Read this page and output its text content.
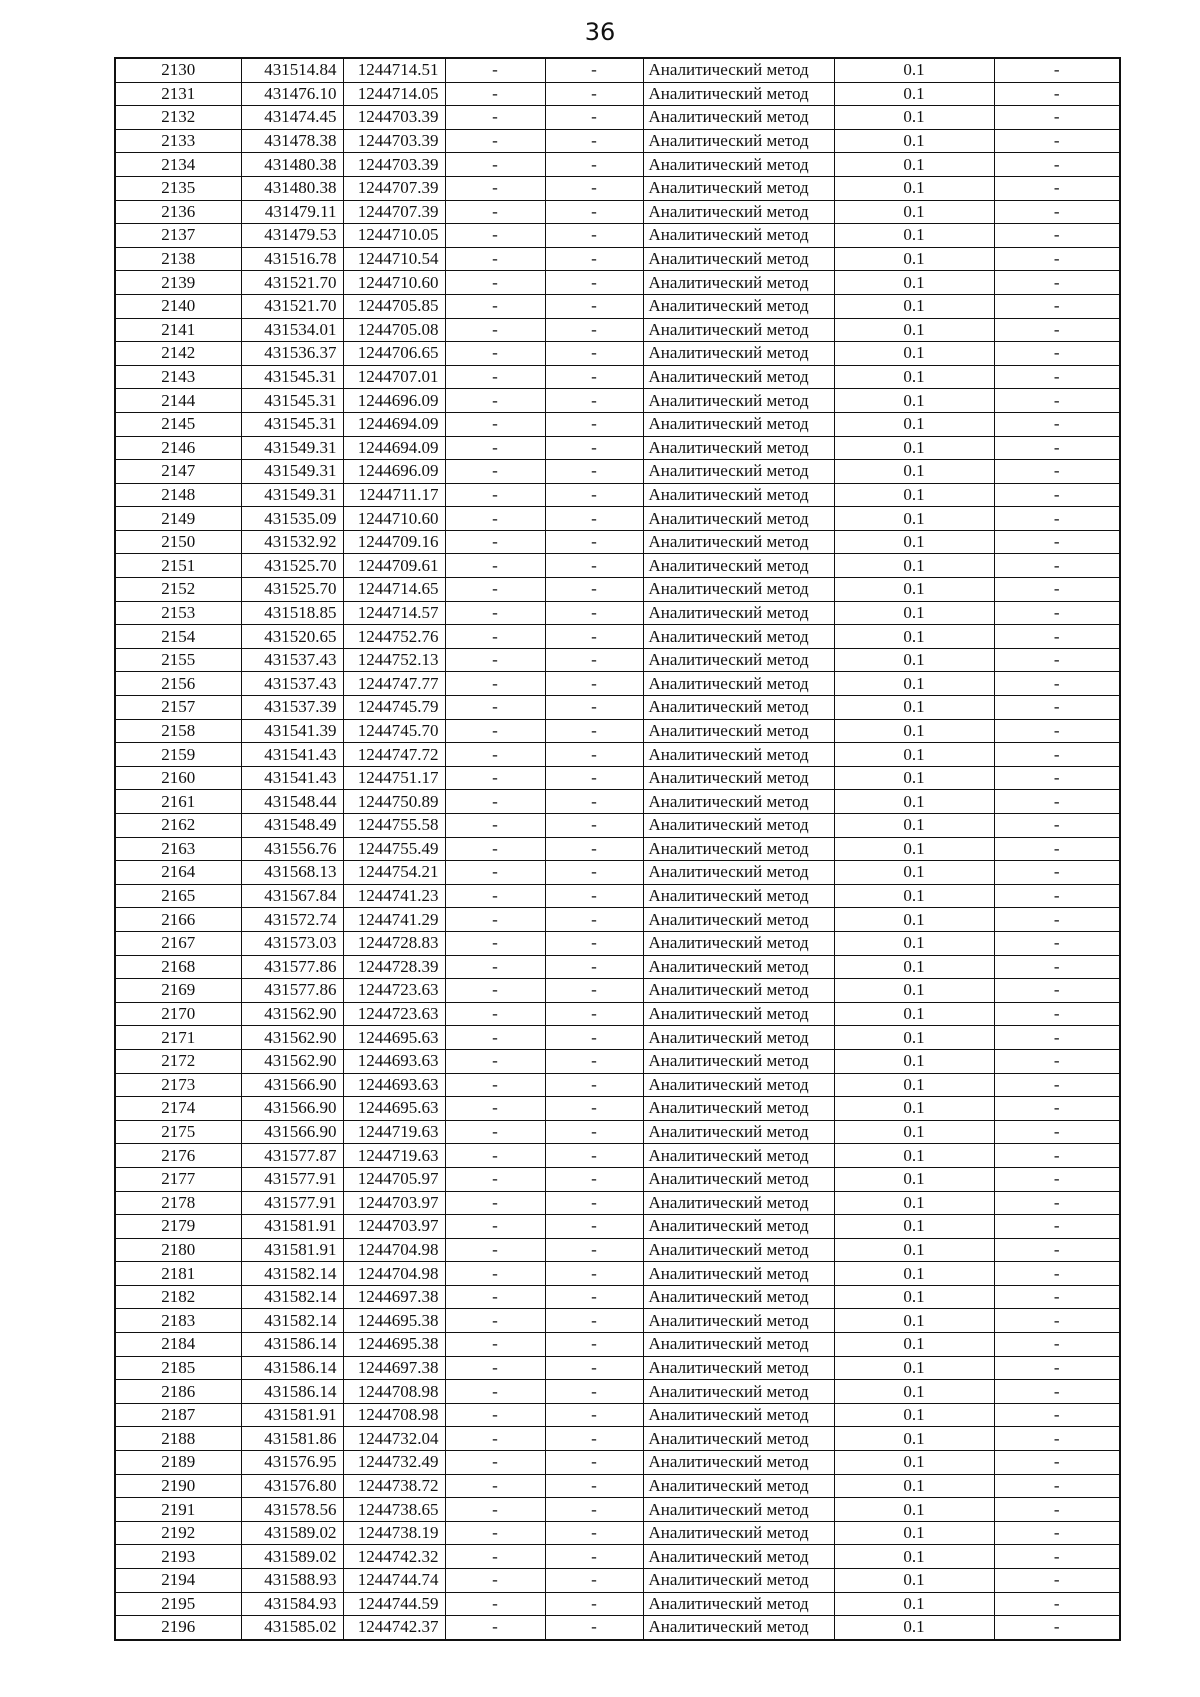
36
2130	431514.84	1244714.51	-	-	Аналитический метод	0.1	-
2131	431476.10	1244714.05	-	-	Аналитический метод	0.1	-
2132	431474.45	1244703.39	-	-	Аналитический метод	0.1	-
2133	431478.38	1244703.39	-	-	Аналитический метод	0.1	-
2134	431480.38	1244703.39	-	-	Аналитический метод	0.1	-
2135	431480.38	1244707.39	-	-	Аналитический метод	0.1	-
2136	431479.11	1244707.39	-	-	Аналитический метод	0.1	-
2137	431479.53	1244710.05	-	-	Аналитический метод	0.1	-
2138	431516.78	1244710.54	-	-	Аналитический метод	0.1	-
2139	431521.70	1244710.60	-	-	Аналитический метод	0.1	-
2140	431521.70	1244705.85	-	-	Аналитический метод	0.1	-
2141	431534.01	1244705.08	-	-	Аналитический метод	0.1	-
2142	431536.37	1244706.65	-	-	Аналитический метод	0.1	-
2143	431545.31	1244707.01	-	-	Аналитический метод	0.1	-
2144	431545.31	1244696.09	-	-	Аналитический метод	0.1	-
2145	431545.31	1244694.09	-	-	Аналитический метод	0.1	-
2146	431549.31	1244694.09	-	-	Аналитический метод	0.1	-
2147	431549.31	1244696.09	-	-	Аналитический метод	0.1	-
2148	431549.31	1244711.17	-	-	Аналитический метод	0.1	-
2149	431535.09	1244710.60	-	-	Аналитический метод	0.1	-
2150	431532.92	1244709.16	-	-	Аналитический метод	0.1	-
2151	431525.70	1244709.61	-	-	Аналитический метод	0.1	-
2152	431525.70	1244714.65	-	-	Аналитический метод	0.1	-
2153	431518.85	1244714.57	-	-	Аналитический метод	0.1	-
2154	431520.65	1244752.76	-	-	Аналитический метод	0.1	-
2155	431537.43	1244752.13	-	-	Аналитический метод	0.1	-
2156	431537.43	1244747.77	-	-	Аналитический метод	0.1	-
2157	431537.39	1244745.79	-	-	Аналитический метод	0.1	-
2158	431541.39	1244745.70	-	-	Аналитический метод	0.1	-
2159	431541.43	1244747.72	-	-	Аналитический метод	0.1	-
2160	431541.43	1244751.17	-	-	Аналитический метод	0.1	-
2161	431548.44	1244750.89	-	-	Аналитический метод	0.1	-
2162	431548.49	1244755.58	-	-	Аналитический метод	0.1	-
2163	431556.76	1244755.49	-	-	Аналитический метод	0.1	-
2164	431568.13	1244754.21	-	-	Аналитический метод	0.1	-
2165	431567.84	1244741.23	-	-	Аналитический метод	0.1	-
2166	431572.74	1244741.29	-	-	Аналитический метод	0.1	-
2167	431573.03	1244728.83	-	-	Аналитический метод	0.1	-
2168	431577.86	1244728.39	-	-	Аналитический метод	0.1	-
2169	431577.86	1244723.63	-	-	Аналитический метод	0.1	-
2170	431562.90	1244723.63	-	-	Аналитический метод	0.1	-
2171	431562.90	1244695.63	-	-	Аналитический метод	0.1	-
2172	431562.90	1244693.63	-	-	Аналитический метод	0.1	-
2173	431566.90	1244693.63	-	-	Аналитический метод	0.1	-
2174	431566.90	1244695.63	-	-	Аналитический метод	0.1	-
2175	431566.90	1244719.63	-	-	Аналитический метод	0.1	-
2176	431577.87	1244719.63	-	-	Аналитический метод	0.1	-
2177	431577.91	1244705.97	-	-	Аналитический метод	0.1	-
2178	431577.91	1244703.97	-	-	Аналитический метод	0.1	-
2179	431581.91	1244703.97	-	-	Аналитический метод	0.1	-
2180	431581.91	1244704.98	-	-	Аналитический метод	0.1	-
2181	431582.14	1244704.98	-	-	Аналитический метод	0.1	-
2182	431582.14	1244697.38	-	-	Аналитический метод	0.1	-
2183	431582.14	1244695.38	-	-	Аналитический метод	0.1	-
2184	431586.14	1244695.38	-	-	Аналитический метод	0.1	-
2185	431586.14	1244697.38	-	-	Аналитический метод	0.1	-
2186	431586.14	1244708.98	-	-	Аналитический метод	0.1	-
2187	431581.91	1244708.98	-	-	Аналитический метод	0.1	-
2188	431581.86	1244732.04	-	-	Аналитический метод	0.1	-
2189	431576.95	1244732.49	-	-	Аналитический метод	0.1	-
2190	431576.80	1244738.72	-	-	Аналитический метод	0.1	-
2191	431578.56	1244738.65	-	-	Аналитический метод	0.1	-
2192	431589.02	1244738.19	-	-	Аналитический метод	0.1	-
2193	431589.02	1244742.32	-	-	Аналитический метод	0.1	-
2194	431588.93	1244744.74	-	-	Аналитический метод	0.1	-
2195	431584.93	1244744.59	-	-	Аналитический метод	0.1	-
2196	431585.02	1244742.37	-	-	Аналитический метод	0.1	-
